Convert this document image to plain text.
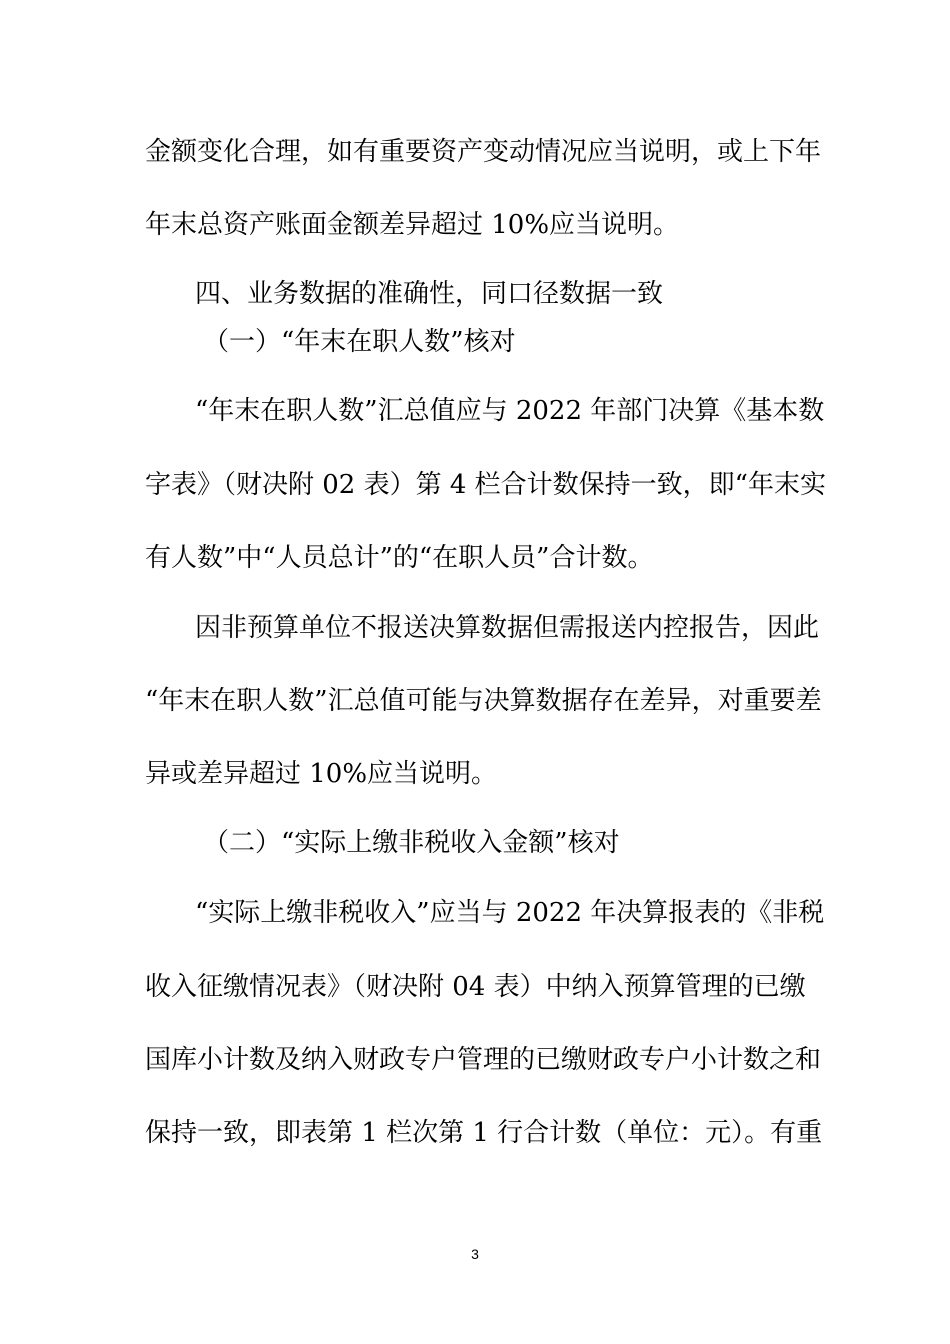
金额变化合理，如有重要资产变动情况应当说明，或上下年

年末总资产账面金额差异超过 10%应当说明。

四、业务数据的准确性，同口径数据一致

（一）“年末在职人数”核对

“年末在职人数”汇总值应与 2022 年部门决算《基本数

字表》（财决附 02 表）第 4 栏合计数保持一致，即“年末实

有人数”中“人员总计”的“在职人员”合计数。

因非预算单位不报送决算数据但需报送内控报告，因此

“年末在职人数”汇总值可能与决算数据存在差异，对重要差

异或差异超过 10%应当说明。

（二）“实际上缴非税收入金额”核对

“实际上缴非税收入”应当与 2022 年决算报表的《非税

收入征缴情况表》（财决附 04 表）中纳入预算管理的已缴

国库小计数及纳入财政专户管理的已缴财政专户小计数之和

保持一致，即表第 1 栏次第 1 行合计数（单位：元）。有重

3
